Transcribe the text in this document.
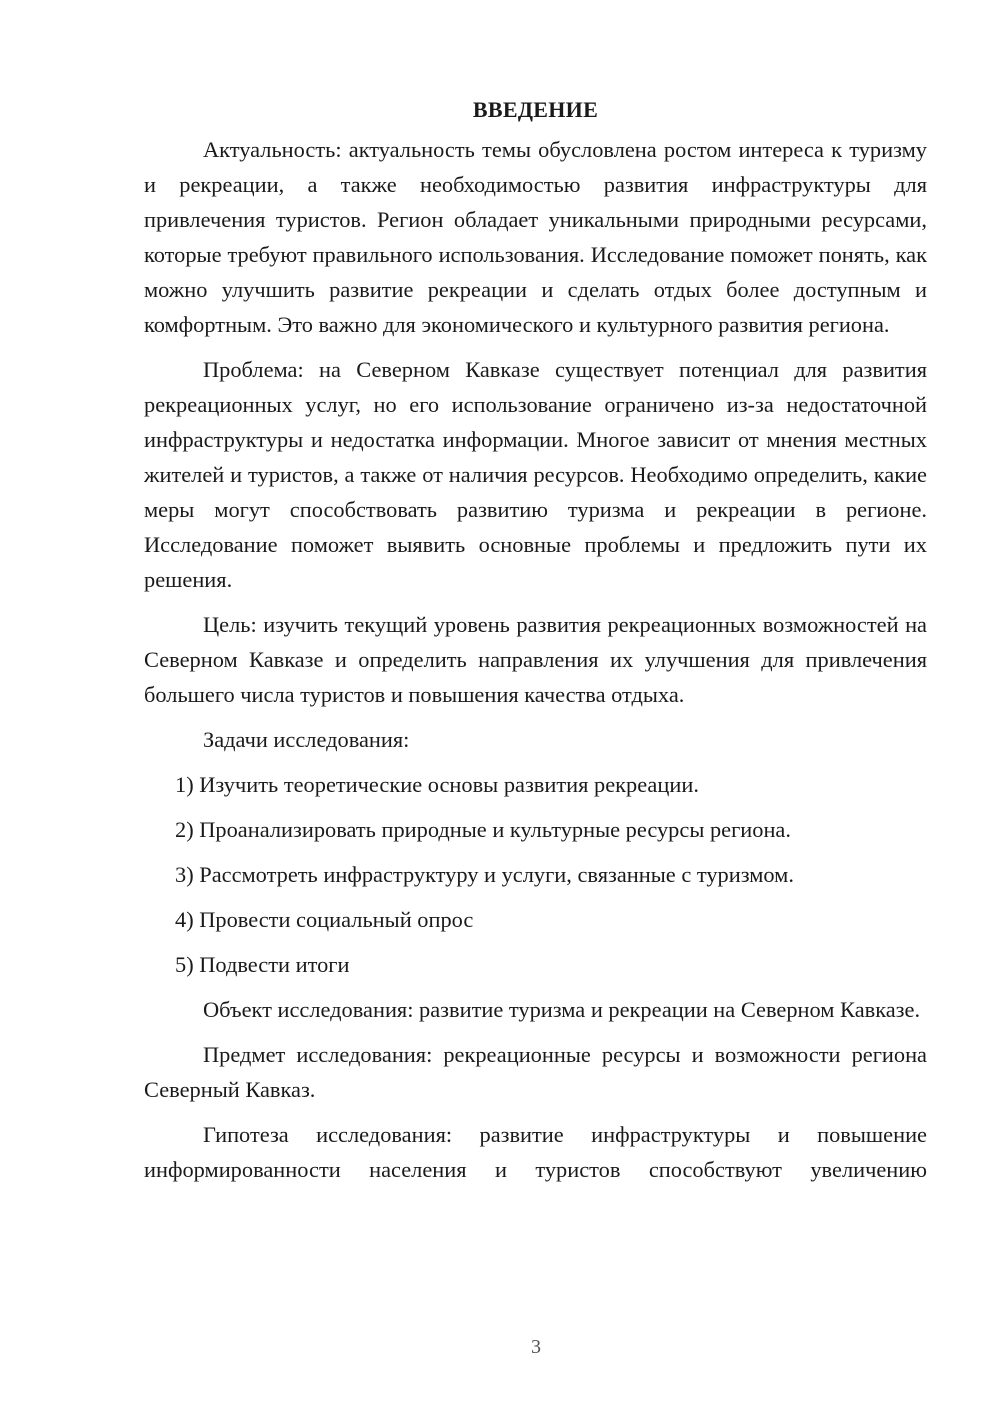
ВВЕДЕНИЕ

Актуальность: актуальность темы обусловлена ростом интереса к туризму и рекреации, а также необходимостью развития инфраструктуры для привлечения туристов. Регион обладает уникальными природными ресурсами, которые требуют правильного использования. Исследование поможет понять, как можно улучшить развитие рекреации и сделать отдых более доступным и комфортным. Это важно для экономического и культурного развития региона.

Проблема: на Северном Кавказе существует потенциал для развития рекреационных услуг, но его использование ограничено из-за недостаточной инфраструктуры и недостатка информации. Многое зависит от мнения местных жителей и туристов, а также от наличия ресурсов. Необходимо определить, какие меры могут способствовать развитию туризма и рекреации в регионе. Исследование поможет выявить основные проблемы и предложить пути их решения.

Цель: изучить текущий уровень развития рекреационных возможностей на Северном Кавказе и определить направления их улучшения для привлечения большего числа туристов и повышения качества отдыха.

Задачи исследования:

1) Изучить теоретические основы развития рекреации.
2) Проанализировать природные и культурные ресурсы региона.
3) Рассмотреть инфраструктуру и услуги, связанные с туризмом.
4) Провести социальный опрос
5) Подвести итоги

Объект исследования: развитие туризма и рекреации на Северном Кавказе.

Предмет исследования: рекреационные ресурсы и возможности региона Северный Кавказ.

Гипотеза исследования: развитие инфраструктуры и повышение информированности населения и туристов способствуют увеличению

3
